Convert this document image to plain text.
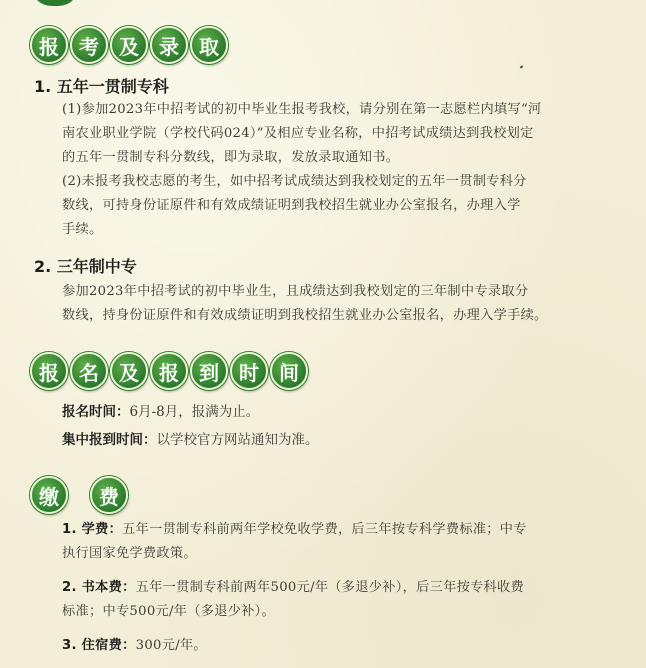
报	考	及	录	取
1. 五年一贯制专科
(1)参加2023年中招考试的初中毕业生报考我校，请分别在第一志愿栏内填写“河
南农业职业学院（学校代码024）”及相应专业名称，中招考试成绩达到我校划定
的五年一贯制专科分数线，即为录取，发放录取通知书。
(2)未报考我校志愿的考生，如中招考试成绩达到我校划定的五年一贯制专科分
数线，可持身份证原件和有效成绩证明到我校招生就业办公室报名，办理入学
手续。
2. 三年制中专
参加2023年中招考试的初中毕业生，且成绩达到我校划定的三年制中专录取分
数线，持身份证原件和有效成绩证明到我校招生就业办公室报名，办理入学手续。
报	名	及	报	到	时	间
报名时间：6月-8月，报满为止。
集中报到时间：以学校官方网站通知为准。
缴	费
1. 学费：五年一贯制专科前两年学校免收学费，后三年按专科学费标准；中专
执行国家免学费政策。
2. 书本费：五年一贯制专科前两年500元/年（多退少补），后三年按专科收费
标准；中专500元/年（多退少补）。
3. 住宿费：300元/年。
